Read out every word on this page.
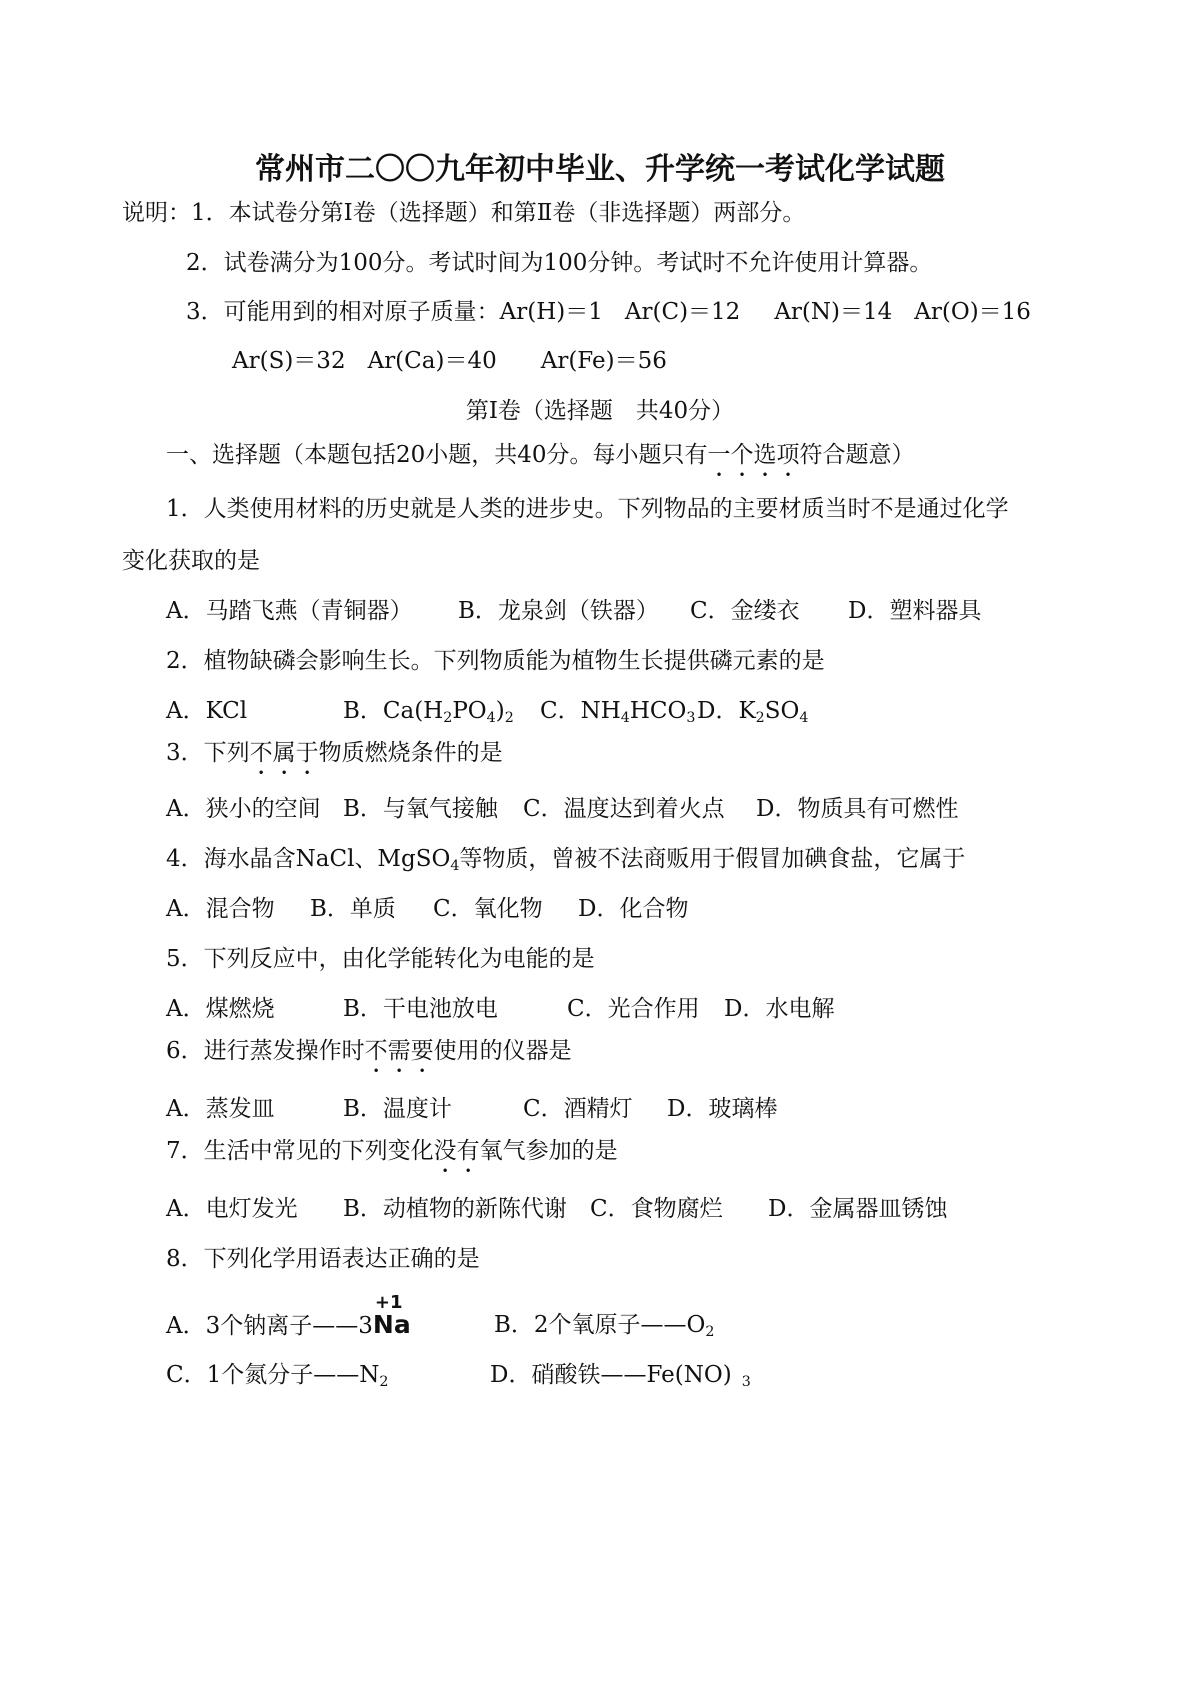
常州市二〇〇九年初中毕业、升学统一考试化学试题
说明：1．本试卷分第Ⅰ卷（选择题）和第Ⅱ卷（非选择题）两部分。
2．试卷满分为100分。考试时间为100分钟。考试时不允许使用计算器。
3．可能用到的相对原子质量：Ar(H)＝1 Ar(C)＝12 Ar(N)＝14 Ar(O)＝16
Ar(S)＝32 Ar(Ca)＝40 Ar(Fe)＝56
第Ⅰ卷（选择题　共40分）
一、选择题（本题包括20小题，共40分。每小题只有一个选项符合题意）
1．人类使用材料的历史就是人类的进步史。下列物品的主要材质当时不是通过化学
变化获取的是
A．马踏飞燕（青铜器） B．龙泉剑（铁器） C．金缕衣 D．塑料器具
2．植物缺磷会影响生长。下列物质能为植物生长提供磷元素的是
A．KCl	B．$Ca(H_2PO_4)_2$ C．$NH_4HCO_3$ D．$K_2SO_4$
3．下列不属于物质燃烧条件的是
A．狭小的空间 B．与氧气接触 C．温度达到着火点 D．物质具有可燃性
4．海水晶含NaCl、MgSO$_4$等物质，曾被不法商贩用于假冒加碘食盐，它属于
A．混合物 B．单质 C．氧化物 D．化合物
5．下列反应中，由化学能转化为电能的是
A．煤燃烧	B．干电池放电	C．光合作用 D．水电解
6．进行蒸发操作时不需要使用的仪器是
A．蒸发皿	B．温度计	C．酒精灯 D．玻璃棒
7．生活中常见的下列变化没有氧气参加的是
A．电灯发光 B．动植物的新陈代谢 C．食物腐烂 D．金属器皿锈蚀
8．下列化学用语表达正确的是
A．3个钠离子——3
+1
Na	B．2个氧原子$——O_2$
C．1个氮分子$——N_2$	D．硝酸铁——Fe(NO) $_3$
